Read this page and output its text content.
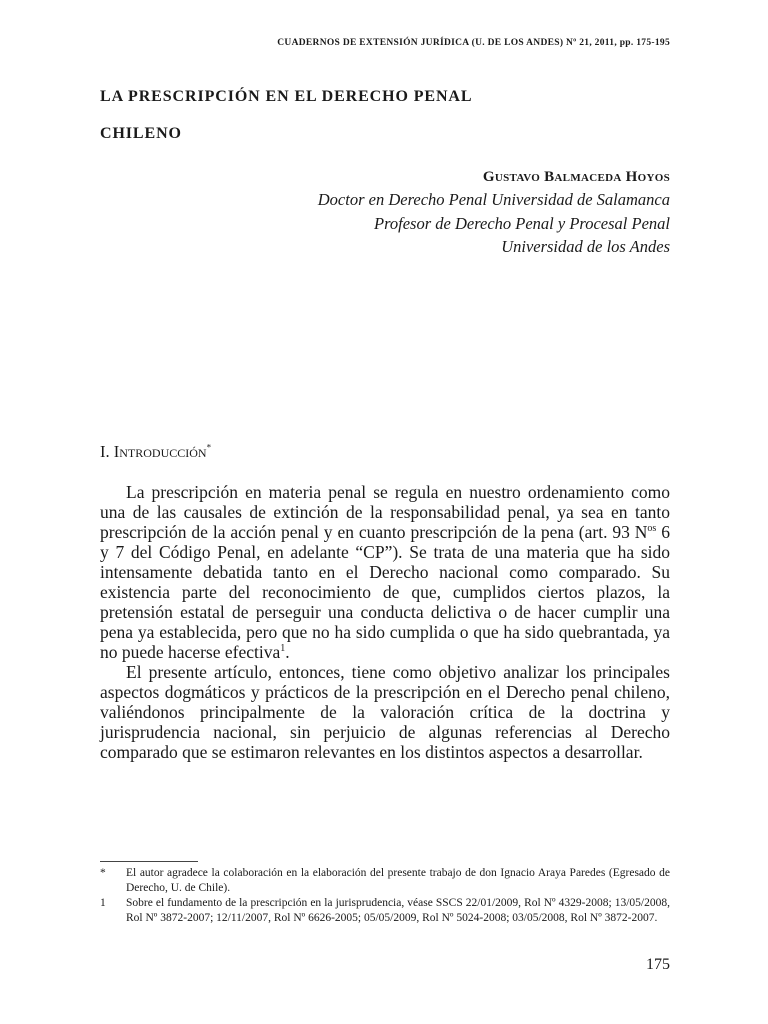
CUADERNOS DE EXTENSIÓN JURÍDICA (U. DE LOS ANDES) Nº 21, 2011, pp. 175-195
LA PRESCRIPCIÓN EN EL DERECHO PENAL
CHILENO
Gustavo Balmaceda Hoyos
Doctor en Derecho Penal Universidad de Salamanca
Profesor de Derecho Penal y Procesal Penal
Universidad de los Andes
I. Introducción*

La prescripción en materia penal se regula en nuestro ordenamiento como una de las causales de extinción de la responsabilidad penal, ya sea en tanto prescripción de la acción penal y en cuanto prescripción de la pena (art. 93 $N^{os}$ 6 y 7 del Código Penal, en adelante “CP”). Se trata de una materia que ha sido intensamente debatida tanto en el Derecho nacional como comparado. Su existencia parte del reconocimiento de que, cumplidos ciertos plazos, la pretensión estatal de perseguir una conducta delictiva o de hacer cumplir una pena ya establecida, pero que no ha sido cumplida o que ha sido quebrantada, ya no puede hacerse efectiva$^1$.

El presente artículo, entonces, tiene como objetivo analizar los principales aspectos dogmáticos y prácticos de la prescripción en el Derecho penal chileno, valiéndonos principalmente de la valoración crítica de la doctrina y jurisprudencia nacional, sin perjuicio de algunas referencias al Derecho comparado que se estimaron relevantes en los distintos aspectos a desarrollar.

* El autor agradece la colaboración en la elaboración del presente trabajo de don Ignacio Araya Paredes (Egresado de Derecho, U. de Chile).
1 Sobre el fundamento de la prescripción en la jurisprudencia, véase SSCS 22/01/2009, Rol Nº 4329-2008; 13/05/2008, Rol Nº 3872-2007; 12/11/2007, Rol Nº 6626-2005; 05/05/2009, Rol Nº 5024-2008; 03/05/2008, Rol Nº 3872-2007.
175
